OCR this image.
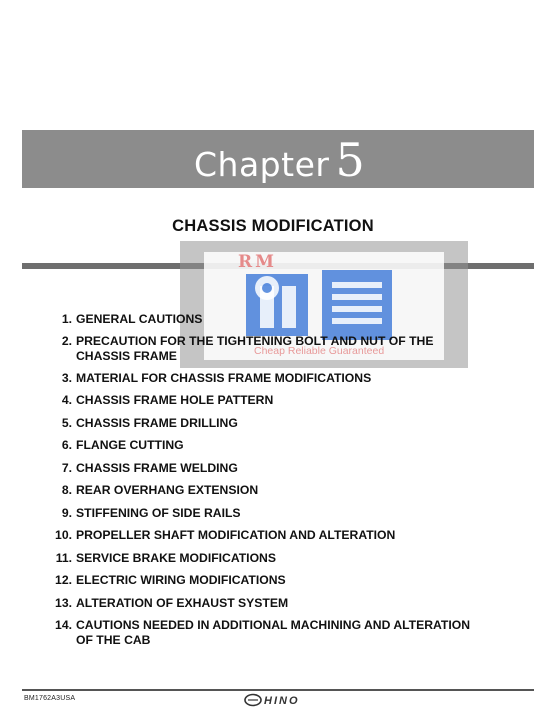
Chapter 5
CHASSIS MODIFICATION
RM
Cheap Reliable Guaranteed
1. GENERAL CAUTIONS
2. PRECAUTION FOR THE TIGHTENING BOLT AND NUT OF THE
CHASSIS FRAME
3. MATERIAL FOR CHASSIS FRAME MODIFICATIONS
4. CHASSIS FRAME HOLE PATTERN
5. CHASSIS FRAME DRILLING
6. FLANGE CUTTING
7. CHASSIS FRAME WELDING
8. REAR OVERHANG EXTENSION
9. STIFFENING OF SIDE RAILS
10. PROPELLER SHAFT MODIFICATION AND ALTERATION
11. SERVICE BRAKE MODIFICATIONS
12. ELECTRIC WIRING MODIFICATIONS
13. ALTERATION OF EXHAUST SYSTEM
14. CAUTIONS NEEDED IN ADDITIONAL MACHINING AND ALTERATION
OF THE CAB
BM1762A3USA	HINO
